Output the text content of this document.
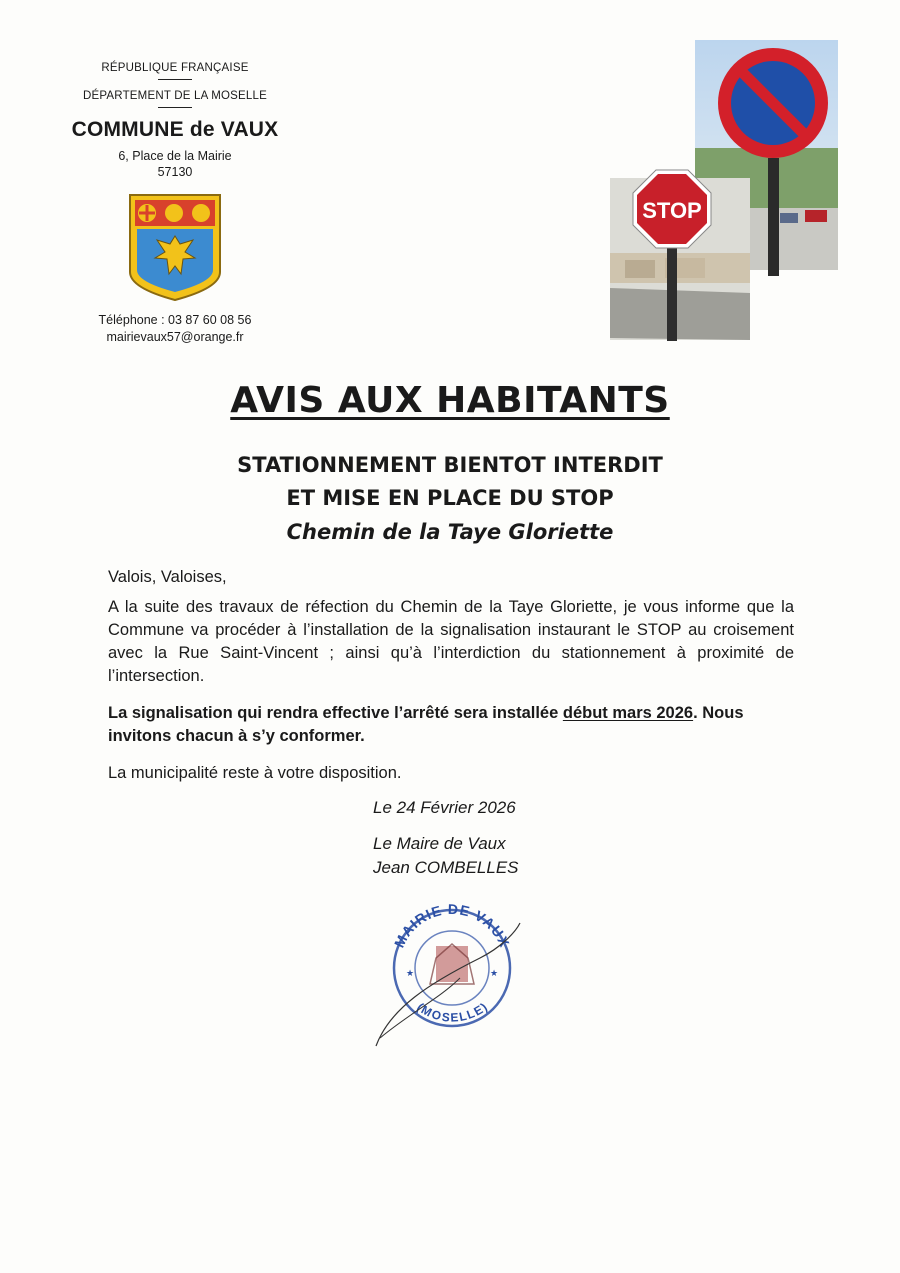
RÉPUBLIQUE FRANÇAISE
DÉPARTEMENT DE LA MOSELLE
COMMUNE de VAUX
6, Place de la Mairie
57130
Téléphone : 03 87 60 08 56
mairievaux57@orange.fr
STOP
AVIS AUX HABITANTS
STATIONNEMENT BIENTOT INTERDIT
ET MISE EN PLACE DU STOP
Chemin de la Taye Gloriette
Valois, Valoises,
A la suite des travaux de réfection du Chemin de la Taye Gloriette, je vous informe que la Commune va procéder à l’installation de la signalisation instaurant le STOP au croisement avec la Rue Saint-Vincent ; ainsi qu’à l’interdiction du stationnement à proximité de l’intersection.
La signalisation qui rendra effective l’arrêté sera installée début mars 2026. Nous invitons chacun à s’y conformer.
La municipalité reste à votre disposition.
Le 24 Février 2026
Le Maire de Vaux
Jean COMBELLES
MAIRIE DE VAUX
(MOSELLE)
★	★
